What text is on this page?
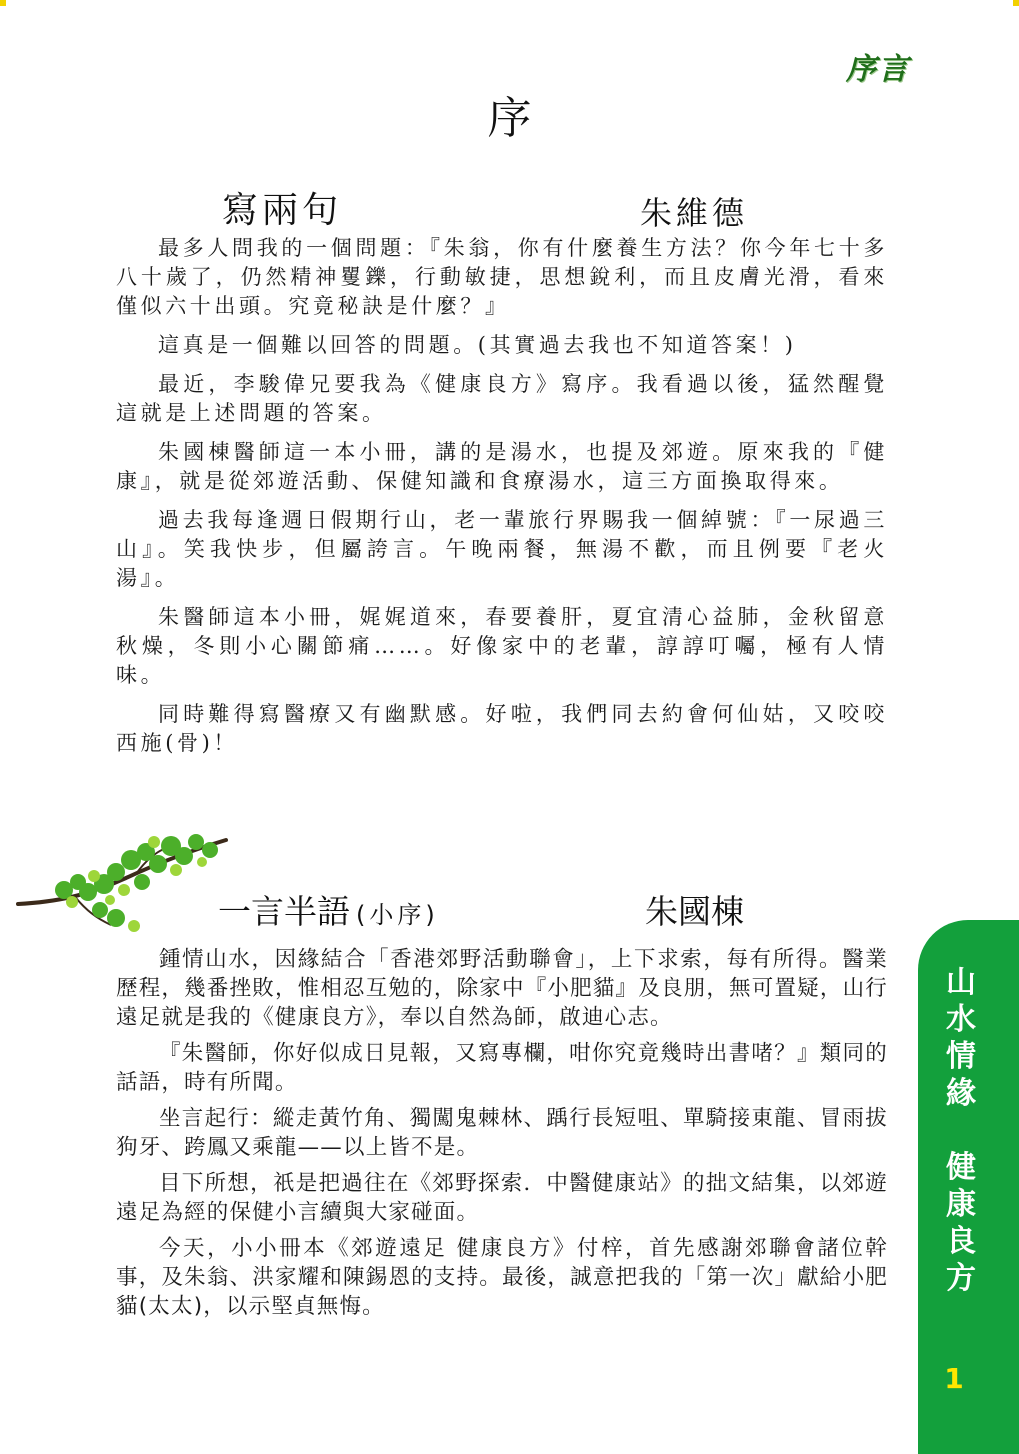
序言
序
寫兩句	朱維德

最多人問我的一個問題：『朱翁，你有什麼養生方法？你今年七十多八十歲了，仍然精神矍鑠，行動敏捷，思想銳利，而且皮膚光滑，看來僅似六十出頭。究竟秘訣是什麼？』

這真是一個難以回答的問題。(其實過去我也不知道答案！)

最近，李駿偉兄要我為《健康良方》寫序。我看過以後，猛然醒覺這就是上述問題的答案。

朱國棟醫師這一本小冊，講的是湯水，也提及郊遊。原來我的『健康』，就是從郊遊活動、保健知識和食療湯水，這三方面換取得來。

過去我每逢週日假期行山，老一輩旅行界賜我一個綽號：『一尿過三山』。笑我快步，但屬誇言。午晚兩餐，無湯不歡，而且例要『老火湯』。

朱醫師這本小冊，娓娓道來，春要養肝，夏宜清心益肺，金秋留意秋燥，冬則小心關節痛……。好像家中的老輩，諄諄叮囑，極有人情味。

同時難得寫醫療又有幽默感。好啦，我們同去約會何仙姑，又咬咬西施(骨)！

一言半語 (小序)	朱國棟

鍾情山水，因緣結合「香港郊野活動聯會」，上下求索，每有所得。醫業歷程，幾番挫敗，惟相忍互勉的，除家中『小肥貓』及良朋，無可置疑，山行遠足就是我的《健康良方》，奉以自然為師，啟迪心志。

『朱醫師，你好似成日見報，又寫專欄，咁你究竟幾時出書啫？』類同的話語，時有所聞。

坐言起行：縱走黃竹角、獨闖鬼棘林、踽行長短咀、單騎接東龍、冒雨拔狗牙、跨鳳又乘龍——以上皆不是。

目下所想，祇是把過往在《郊野探索．中醫健康站》的拙文結集，以郊遊遠足為經的保健小言續與大家碰面。

今天，小小冊本《郊遊遠足 健康良方》付梓，首先感謝郊聯會諸位幹事，及朱翁、洪家耀和陳錫恩的支持。最後，誠意把我的「第一次」獻給小肥貓(太太)，以示堅貞無悔。

山
水
情
緣

健
康
良
方
1
